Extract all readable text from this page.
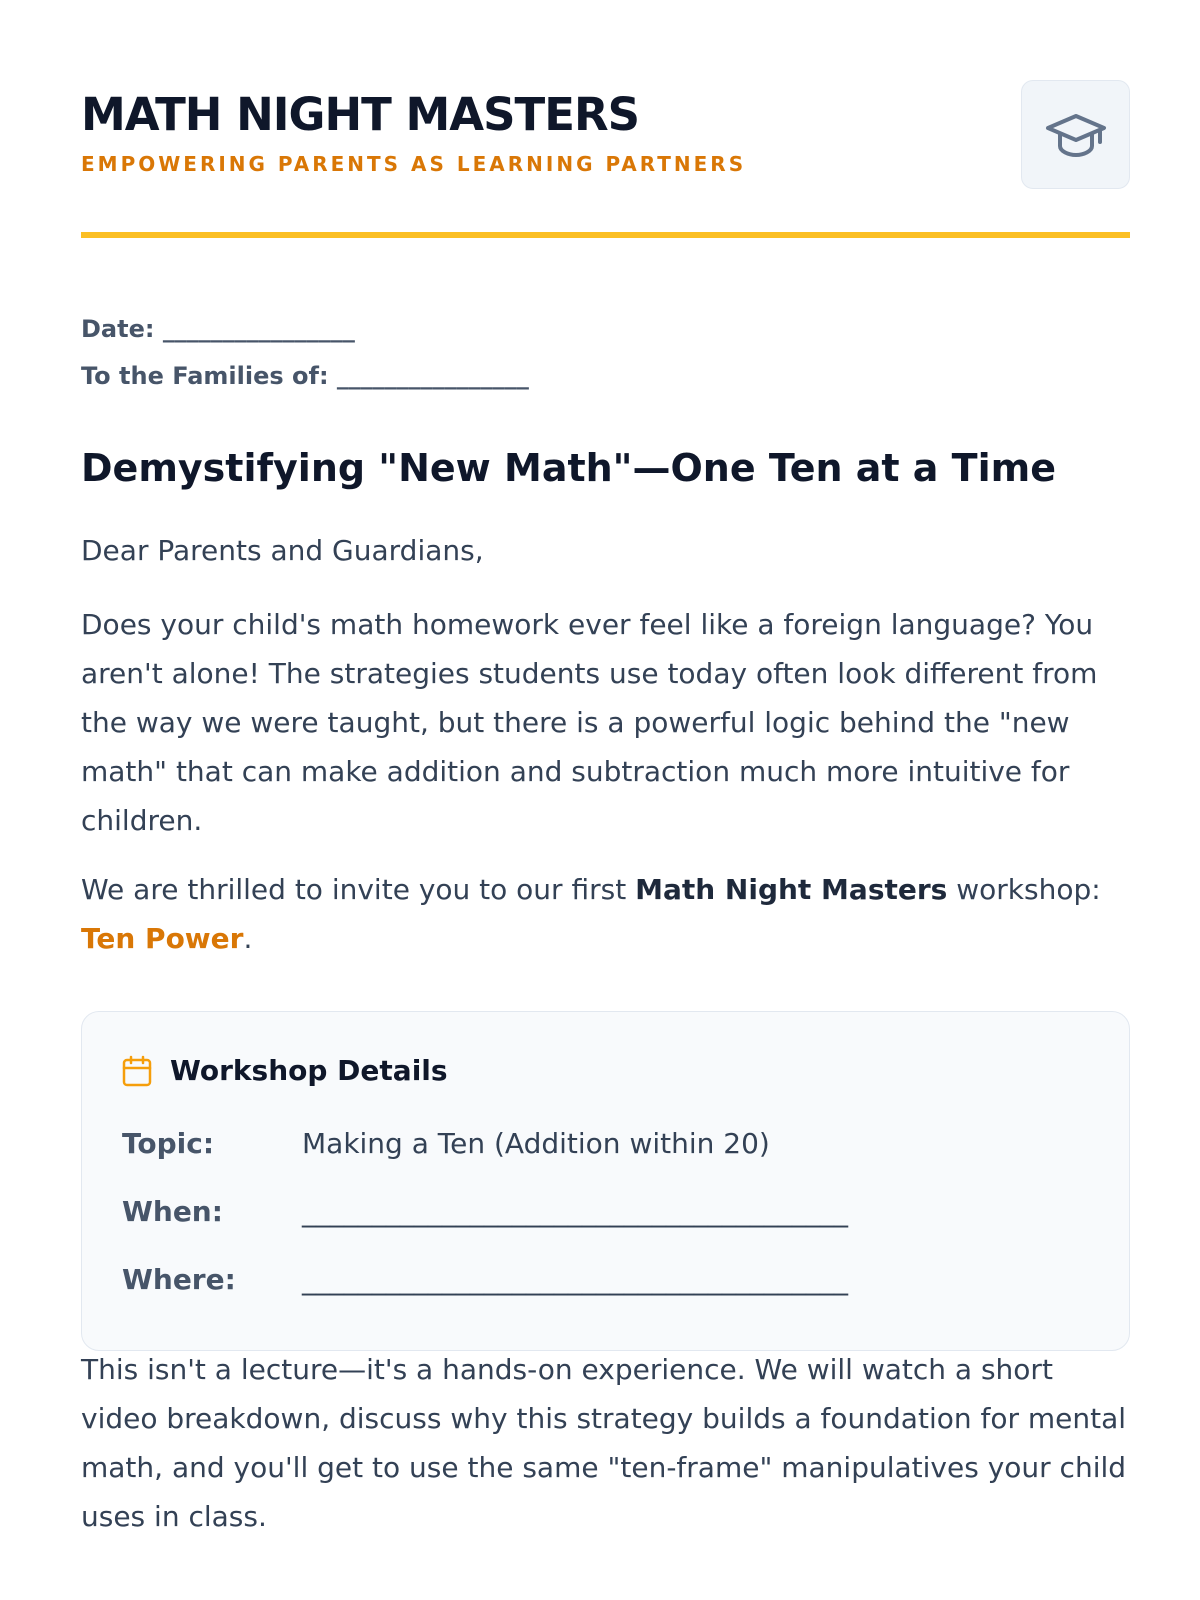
MATH NIGHT MASTERS
EMPOWERING PARENTS AS LEARNING PARTNERS
Date: ________________
To the Families of: ________________
Demystifying "New Math"—One Ten at a Time
Dear Parents and Guardians,
Does your child's math homework ever feel like a foreign language? You aren't alone! The strategies students use today often look different from the way we were taught, but there is a powerful logic behind the "new math" that can make addition and subtraction much more intuitive for children.
We are thrilled to invite you to our first Math Night Masters workshop: Ten Power.
Workshop Details
Topic:	Making a Ten (Addition within 20)
When:	_______________________________________
Where: _______________________________________
This isn't a lecture—it's a hands-on experience. We will watch a short video breakdown, discuss why this strategy builds a foundation for mental math, and you'll get to use the same "ten-frame" manipulatives your child uses in class.
